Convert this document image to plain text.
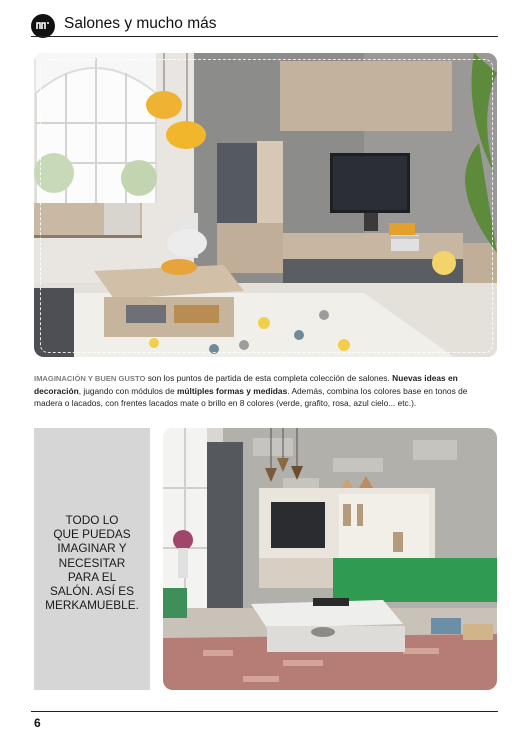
Salones y mucho más
IMAGINACIÓN Y BUEN GUSTO son los puntos de partida de esta completa colección de salones. Nuevas ideas en decoración, jugando con módulos de múltiples formas y medidas. Además, combina los colores base en tonos de madera o lacados, con frentes lacados mate o brillo en 8 colores (verde, grafito, rosa, azul cielo... etc.).
TODO LO
QUE PUEDAS
IMAGINAR Y
NECESITAR
PARA EL
SALÓN. ASÍ ES
MERKAMUEBLE.
6
